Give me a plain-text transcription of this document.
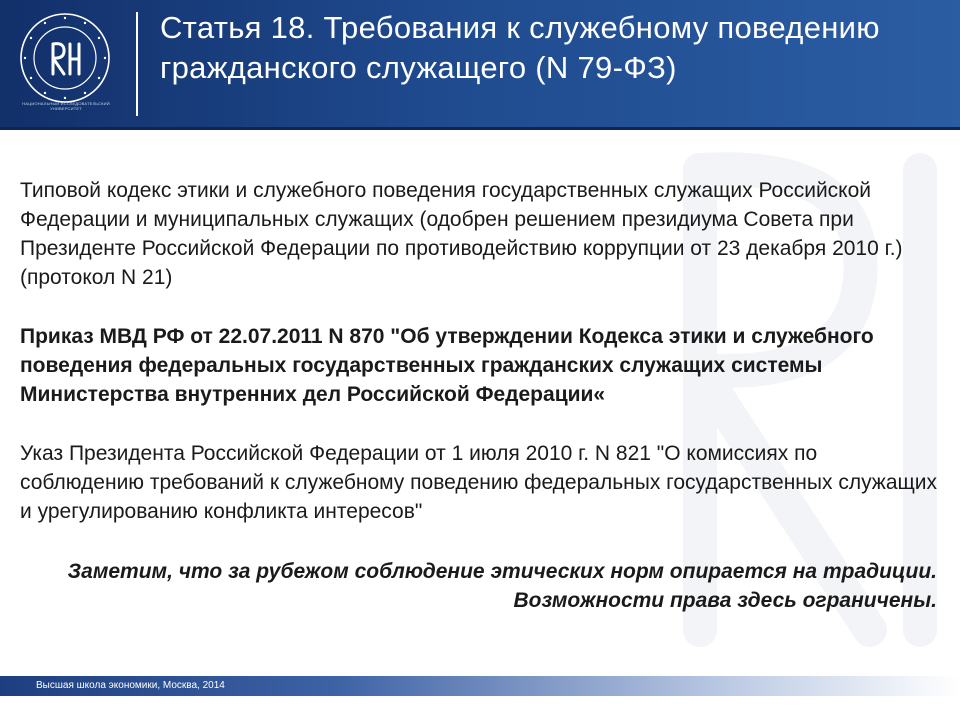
НАЦИОНАЛЬНЫЙ ИССЛЕДОВАТЕЛЬСКИЙ УНИВЕРСИТЕТ
Статья 18. Требования к служебному поведению гражданского служащего (N 79-ФЗ)

Типовой кодекс этики и служебного поведения государственных служащих Российской Федерации и муниципальных служащих (одобрен решением президиума Совета при Президенте Российской Федерации по противодействию коррупции от 23 декабря 2010 г.) (протокол N 21)

Приказ МВД РФ от 22.07.2011 N 870 "Об утверждении Кодекса этики и служебного поведения федеральных государственных гражданских служащих системы Министерства внутренних дел Российской Федерации«

Указ Президента Российской Федерации от 1 июля 2010 г. N 821 "О комиссиях по соблюдению требований к служебному поведению федеральных государственных служащих и урегулированию конфликта интересов"

Заметим, что за рубежом соблюдение этических норм опирается на традиции. Возможности права здесь ограничены.

Высшая школа экономики, Москва, 2014
